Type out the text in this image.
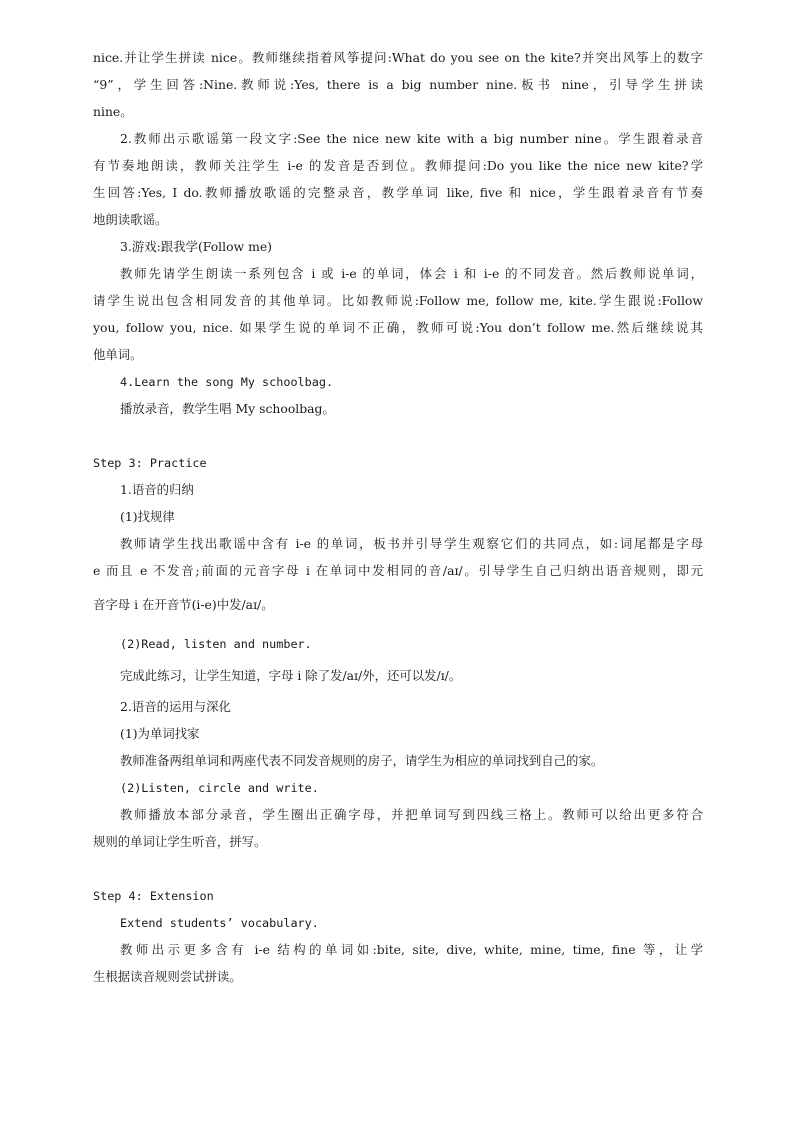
nice.并让学生拼读 nice。教师继续指着风筝提问:What do you see on the kite?并突出风筝上的数字
“9”，学生回答:Nine.教师说:Yes, there is a big number nine.板书 nine，引导学生拼读
nine。
2.教师出示歌谣第一段文字:See the nice new kite with a big number nine。学生跟着录音
有节奏地朗读，教师关注学生 i-e 的发音是否到位。教师提问:Do you like the nice new kite?学
生回答:Yes, I do.教师播放歌谣的完整录音，教学单词 like, five 和 nice，学生跟着录音有节奏
地朗读歌谣。
3.游戏:跟我学(Follow me)
教师先请学生朗读一系列包含 i 或 i-e 的单词，体会 i 和 i-e 的不同发音。然后教师说单词，
请学生说出包含相同发音的其他单词。比如教师说:Follow me, follow me, kite.学生跟说:Follow
you, follow you, nice. 如果学生说的单词不正确，教师可说:You don’t follow me.然后继续说其
他单词。
4.Learn the song My schoolbag.
播放录音，教学生唱 My schoolbag。
Step 3: Practice
1.语音的归纳
(1)找规律
教师请学生找出歌谣中含有 i-e 的单词，板书并引导学生观察它们的共同点，如:词尾都是字母
e 而且 e 不发音;前面的元音字母 i 在单词中发相同的音/aɪ/。引导学生自己归纳出语音规则，即元
音字母 i 在开音节(i-e)中发/aɪ/。
(2)Read, listen and number.
完成此练习，让学生知道，字母 i 除了发/aɪ/外，还可以发/ɪ/。
2.语音的运用与深化
(1)为单词找家
教师准备两组单词和两座代表不同发音规则的房子，请学生为相应的单词找到自己的家。
(2)Listen, circle and write.
教师播放本部分录音，学生圈出正确字母，并把单词写到四线三格上。教师可以给出更多符合
规则的单词让学生听音，拼写。
Step 4: Extension
Extend students’ vocabulary.
教师出示更多含有 i-e 结构的单词如:bite, site, dive, white, mine, time, fine 等，让学
生根据读音规则尝试拼读。
